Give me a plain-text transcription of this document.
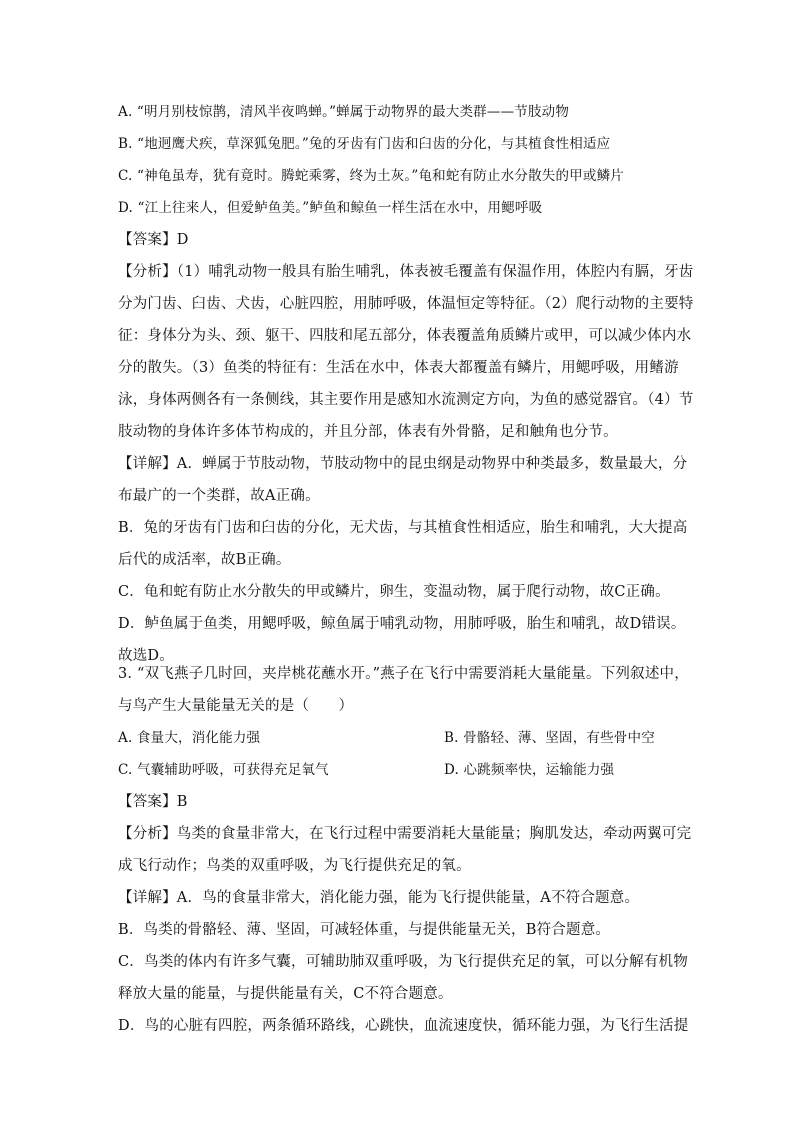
A. “明月别枝惊鹊，清风半夜鸣蝉。”蝉属于动物界的最大类群——节肢动物
B. “地迥鹰犬疾，草深狐兔肥。”兔的牙齿有门齿和臼齿的分化，与其植食性相适应
C. “神龟虽寿，犹有竟时。腾蛇乘雾，终为土灰。”龟和蛇有防止水分散失的甲或鳞片
D. “江上往来人，但爱鲈鱼美。”鲈鱼和鲸鱼一样生活在水中，用鳃呼吸
【答案】D
【分析】（1）哺乳动物一般具有胎生哺乳，体表被毛覆盖有保温作用，体腔内有膈，牙齿
分为门齿、臼齿、犬齿，心脏四腔，用肺呼吸，体温恒定等特征。（2）爬行动物的主要特
征：身体分为头、颈、躯干、四肢和尾五部分，体表覆盖角质鳞片或甲，可以减少体内水
分的散失。（3）鱼类的特征有：生活在水中，体表大都覆盖有鳞片，用鳃呼吸，用鳍游
泳，身体两侧各有一条侧线，其主要作用是感知水流测定方向，为鱼的感觉器官。（4）节
肢动物的身体许多体节构成的，并且分部，体表有外骨骼，足和触角也分节。
【详解】A．蝉属于节肢动物，节肢动物中的昆虫纲是动物界中种类最多，数量最大，分
布最广的一个类群，故A正确。
B．兔的牙齿有门齿和臼齿的分化，无犬齿，与其植食性相适应，胎生和哺乳，大大提高
后代的成活率，故B正确。
C．龟和蛇有防止水分散失的甲或鳞片，卵生，变温动物，属于爬行动物，故C正确。
D．鲈鱼属于鱼类，用鳃呼吸，鲸鱼属于哺乳动物，用肺呼吸，胎生和哺乳，故D错误。
故选D。
3. “双飞燕子几时回，夹岸桃花蘸水开。”燕子在飞行中需要消耗大量能量。下列叙述中，
与鸟产生大量能量无关的是（　　）
A. 食量大，消化能力强	B. 骨骼轻、薄、坚固，有些骨中空
C. 气囊辅助呼吸，可获得充足氧气	D. 心跳频率快，运输能力强
【答案】B
【分析】鸟类的食量非常大，在飞行过程中需要消耗大量能量；胸肌发达，牵动两翼可完
成飞行动作；鸟类的双重呼吸，为飞行提供充足的氧。
【详解】A．鸟的食量非常大，消化能力强，能为飞行提供能量，A不符合题意。
B．鸟类的骨骼轻、薄、坚固，可减轻体重，与提供能量无关，B符合题意。
C．鸟类的体内有许多气囊，可辅助肺双重呼吸，为飞行提供充足的氧，可以分解有机物
释放大量的能量，与提供能量有关，C不符合题意。
D．鸟的心脏有四腔，两条循环路线，心跳快，血流速度快，循环能力强，为飞行生活提
